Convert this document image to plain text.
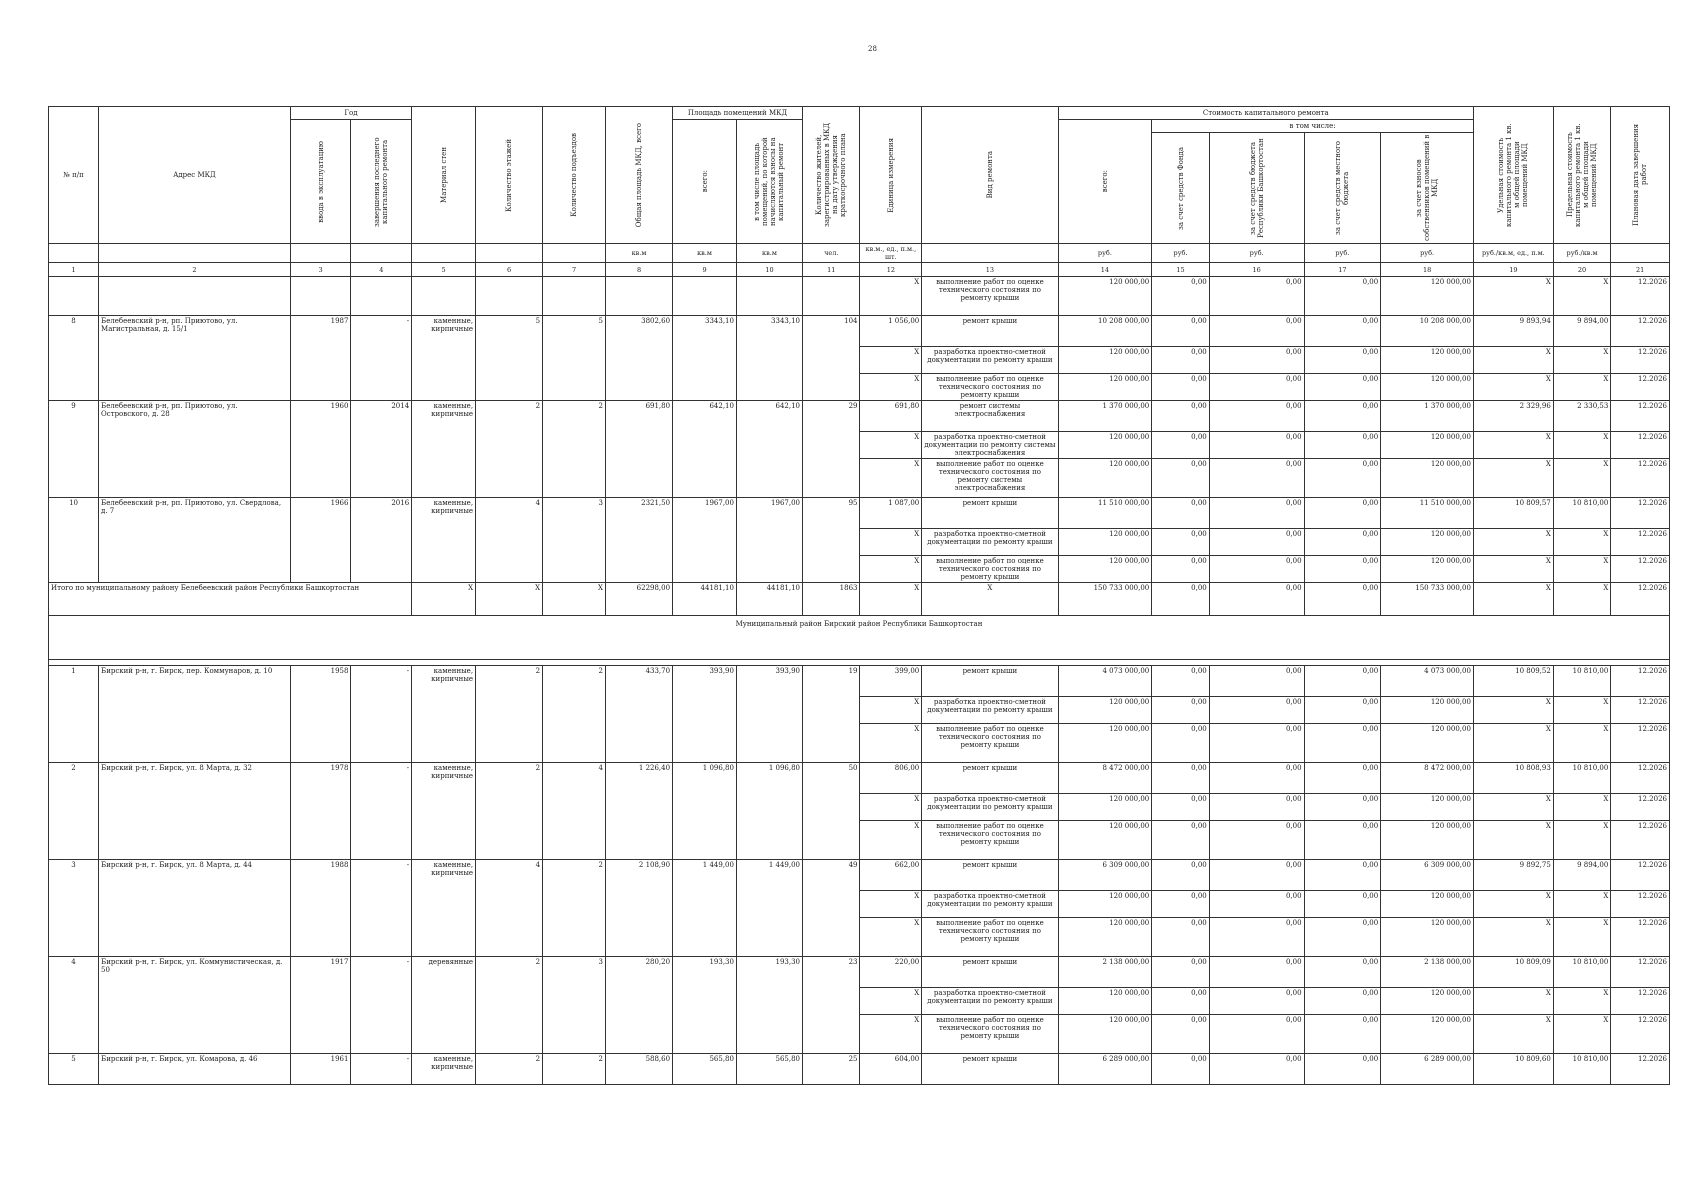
28
№ п/п	Адрес МКД	Год		Материал стен	Количество этажей	Количество подъездов	Общая площадь МКД, всего	Площадь помещений МКД		Количество жителей, зарегистрированных в МКД на дату утверждения краткосрочного плана	Единица измерения	Вид ремонта	Стоимость капитального ремонта					Удельная стоимость капитального ремонта 1 кв. м общей площади помещений МКД	Предельная стоимость капитального ремонта 1 кв. м общей площади помещений МКД	Плановая дата завершения работ

		ввода в эксплуатацию	завершения последнего капитального ремонта					всего:	в том числе площадь помещений, по которой начисляются взносы на капитальный ремонт				всего:	в том числе:						

														за счет средств Фонда	за счет средств бюджета Республики Башкортостан	за счет средств местного бюджета	за счет взносов собственников помещений в МКД			

							кв.м	кв.м	кв.м	чел.	кв.м., ед., п.м., шт.		руб.	руб.	руб.	руб.	руб.	руб./кв.м, ед., п.м.	руб./кв.м	
1	2	3	4	5	6	7	8	9	10	11	12	13	14	15	16	17	18	19	20	21
											X	выполнение работ по оценке технического состояния по ремонту крыши	120 000,00	0,00	0,00	0,00	120 000,00	X	X	12.2026
8	Белебеевский р-н, рп. Приютово, ул. Магистральная, д. 15/1	1987	-	каменные, кирпичные	5	5	3802,60	3343,10	3343,10	104	1 056,00	ремонт крыши	10 208 000,00	0,00	0,00	0,00	10 208 000,00	9 893,94	9 894,00	12.2026
											X	разработка проектно-сметной документации по ремонту крыши	120 000,00	0,00	0,00	0,00	120 000,00	X	X	12.2026
											X	выполнение работ по оценке технического состояния по ремонту крыши	120 000,00	0,00	0,00	0,00	120 000,00	X	X	12.2026
9	Белебеевский р-н, рп. Приютово, ул. Островского, д. 28	1960	2014	каменные, кирпичные	2	2	691,80	642,10	642,10	29	691,80	ремонт системы электроснабжения	1 370 000,00	0,00	0,00	0,00	1 370 000,00	2 329,96	2 330,53	12.2026
											X	разработка проектно-сметной документации по ремонту системы электроснабжения	120 000,00	0,00	0,00	0,00	120 000,00	X	X	12.2026
											X	выполнение работ по оценке технического состояния по ремонту системы электроснабжения	120 000,00	0,00	0,00	0,00	120 000,00	X	X	12.2026
10	Белебеевский р-н, рп. Приютово, ул. Свердлова, д. 7	1966	2016	каменные, кирпичные	4	3	2321,50	1967,00	1967,00	95	1 087,00	ремонт крыши	11 510 000,00	0,00	0,00	0,00	11 510 000,00	10 809,57	10 810,00	12.2026
											X	разработка проектно-сметной документации по ремонту крыши	120 000,00	0,00	0,00	0,00	120 000,00	X	X	12.2026
											X	выполнение работ по оценке технического состояния по ремонту крыши	120 000,00	0,00	0,00	0,00	120 000,00	X	X	12.2026
Итого по муниципальному району Белебеевский район Республики Башкортостан				X	X	X	62298,00	44181,10	44181,10	1863	X	X	150 733 000,00	0,00	0,00	0,00	150 733 000,00	X	X	12.2026
Муниципальный район Бирский район Республики Башкортостан																				

1	Бирский р-н, г. Бирск, пер. Коммунаров, д. 10	1958	-	каменные, кирпичные	2	2	433,70	393,90	393,90	19	399,00	ремонт крыши	4 073 000,00	0,00	0,00	0,00	4 073 000,00	10 809,52	10 810,00	12.2026
											X	разработка проектно-сметной документации по ремонту крыши	120 000,00	0,00	0,00	0,00	120 000,00	X	X	12.2026
											X	выполнение работ по оценке технического состояния по ремонту крыши	120 000,00	0,00	0,00	0,00	120 000,00	X	X	12.2026
2	Бирский р-н, г. Бирск, ул. 8 Марта, д. 32	1978	-	каменные, кирпичные	2	4	1 226,40	1 096,80	1 096,80	50	806,00	ремонт крыши	8 472 000,00	0,00	0,00	0,00	8 472 000,00	10 808,93	10 810,00	12.2026
											X	разработка проектно-сметной документации по ремонту крыши	120 000,00	0,00	0,00	0,00	120 000,00	X	X	12.2026
											X	выполнение работ по оценке технического состояния по ремонту крыши	120 000,00	0,00	0,00	0,00	120 000,00	X	X	12.2026
3	Бирский р-н, г. Бирск, ул. 8 Марта, д. 44	1988	-	каменные, кирпичные	4	2	2 108,90	1 449,00	1 449,00	49	662,00	ремонт крыши	6 309 000,00	0,00	0,00	0,00	6 309 000,00	9 892,75	9 894,00	12.2026
											X	разработка проектно-сметной документации по ремонту крыши	120 000,00	0,00	0,00	0,00	120 000,00	X	X	12.2026
											X	выполнение работ по оценке технического состояния по ремонту крыши	120 000,00	0,00	0,00	0,00	120 000,00	X	X	12.2026
4	Бирский р-н, г. Бирск, ул. Коммунистическая, д. 50	1917	-	деревянные	2	3	280,20	193,30	193,30	23	220,00	ремонт крыши	2 138 000,00	0,00	0,00	0,00	2 138 000,00	10 809,09	10 810,00	12.2026
											X	разработка проектно-сметной документации по ремонту крыши	120 000,00	0,00	0,00	0,00	120 000,00	X	X	12.2026
											X	выполнение работ по оценке технического состояния по ремонту крыши	120 000,00	0,00	0,00	0,00	120 000,00	X	X	12.2026
5	Бирский р-н, г. Бирск, ул. Комарова, д. 46	1961	-	каменные, кирпичные	2	2	588,60	565,80	565,80	25	604,00	ремонт крыши	6 289 000,00	0,00	0,00	0,00	6 289 000,00	10 809,60	10 810,00	12.2026
